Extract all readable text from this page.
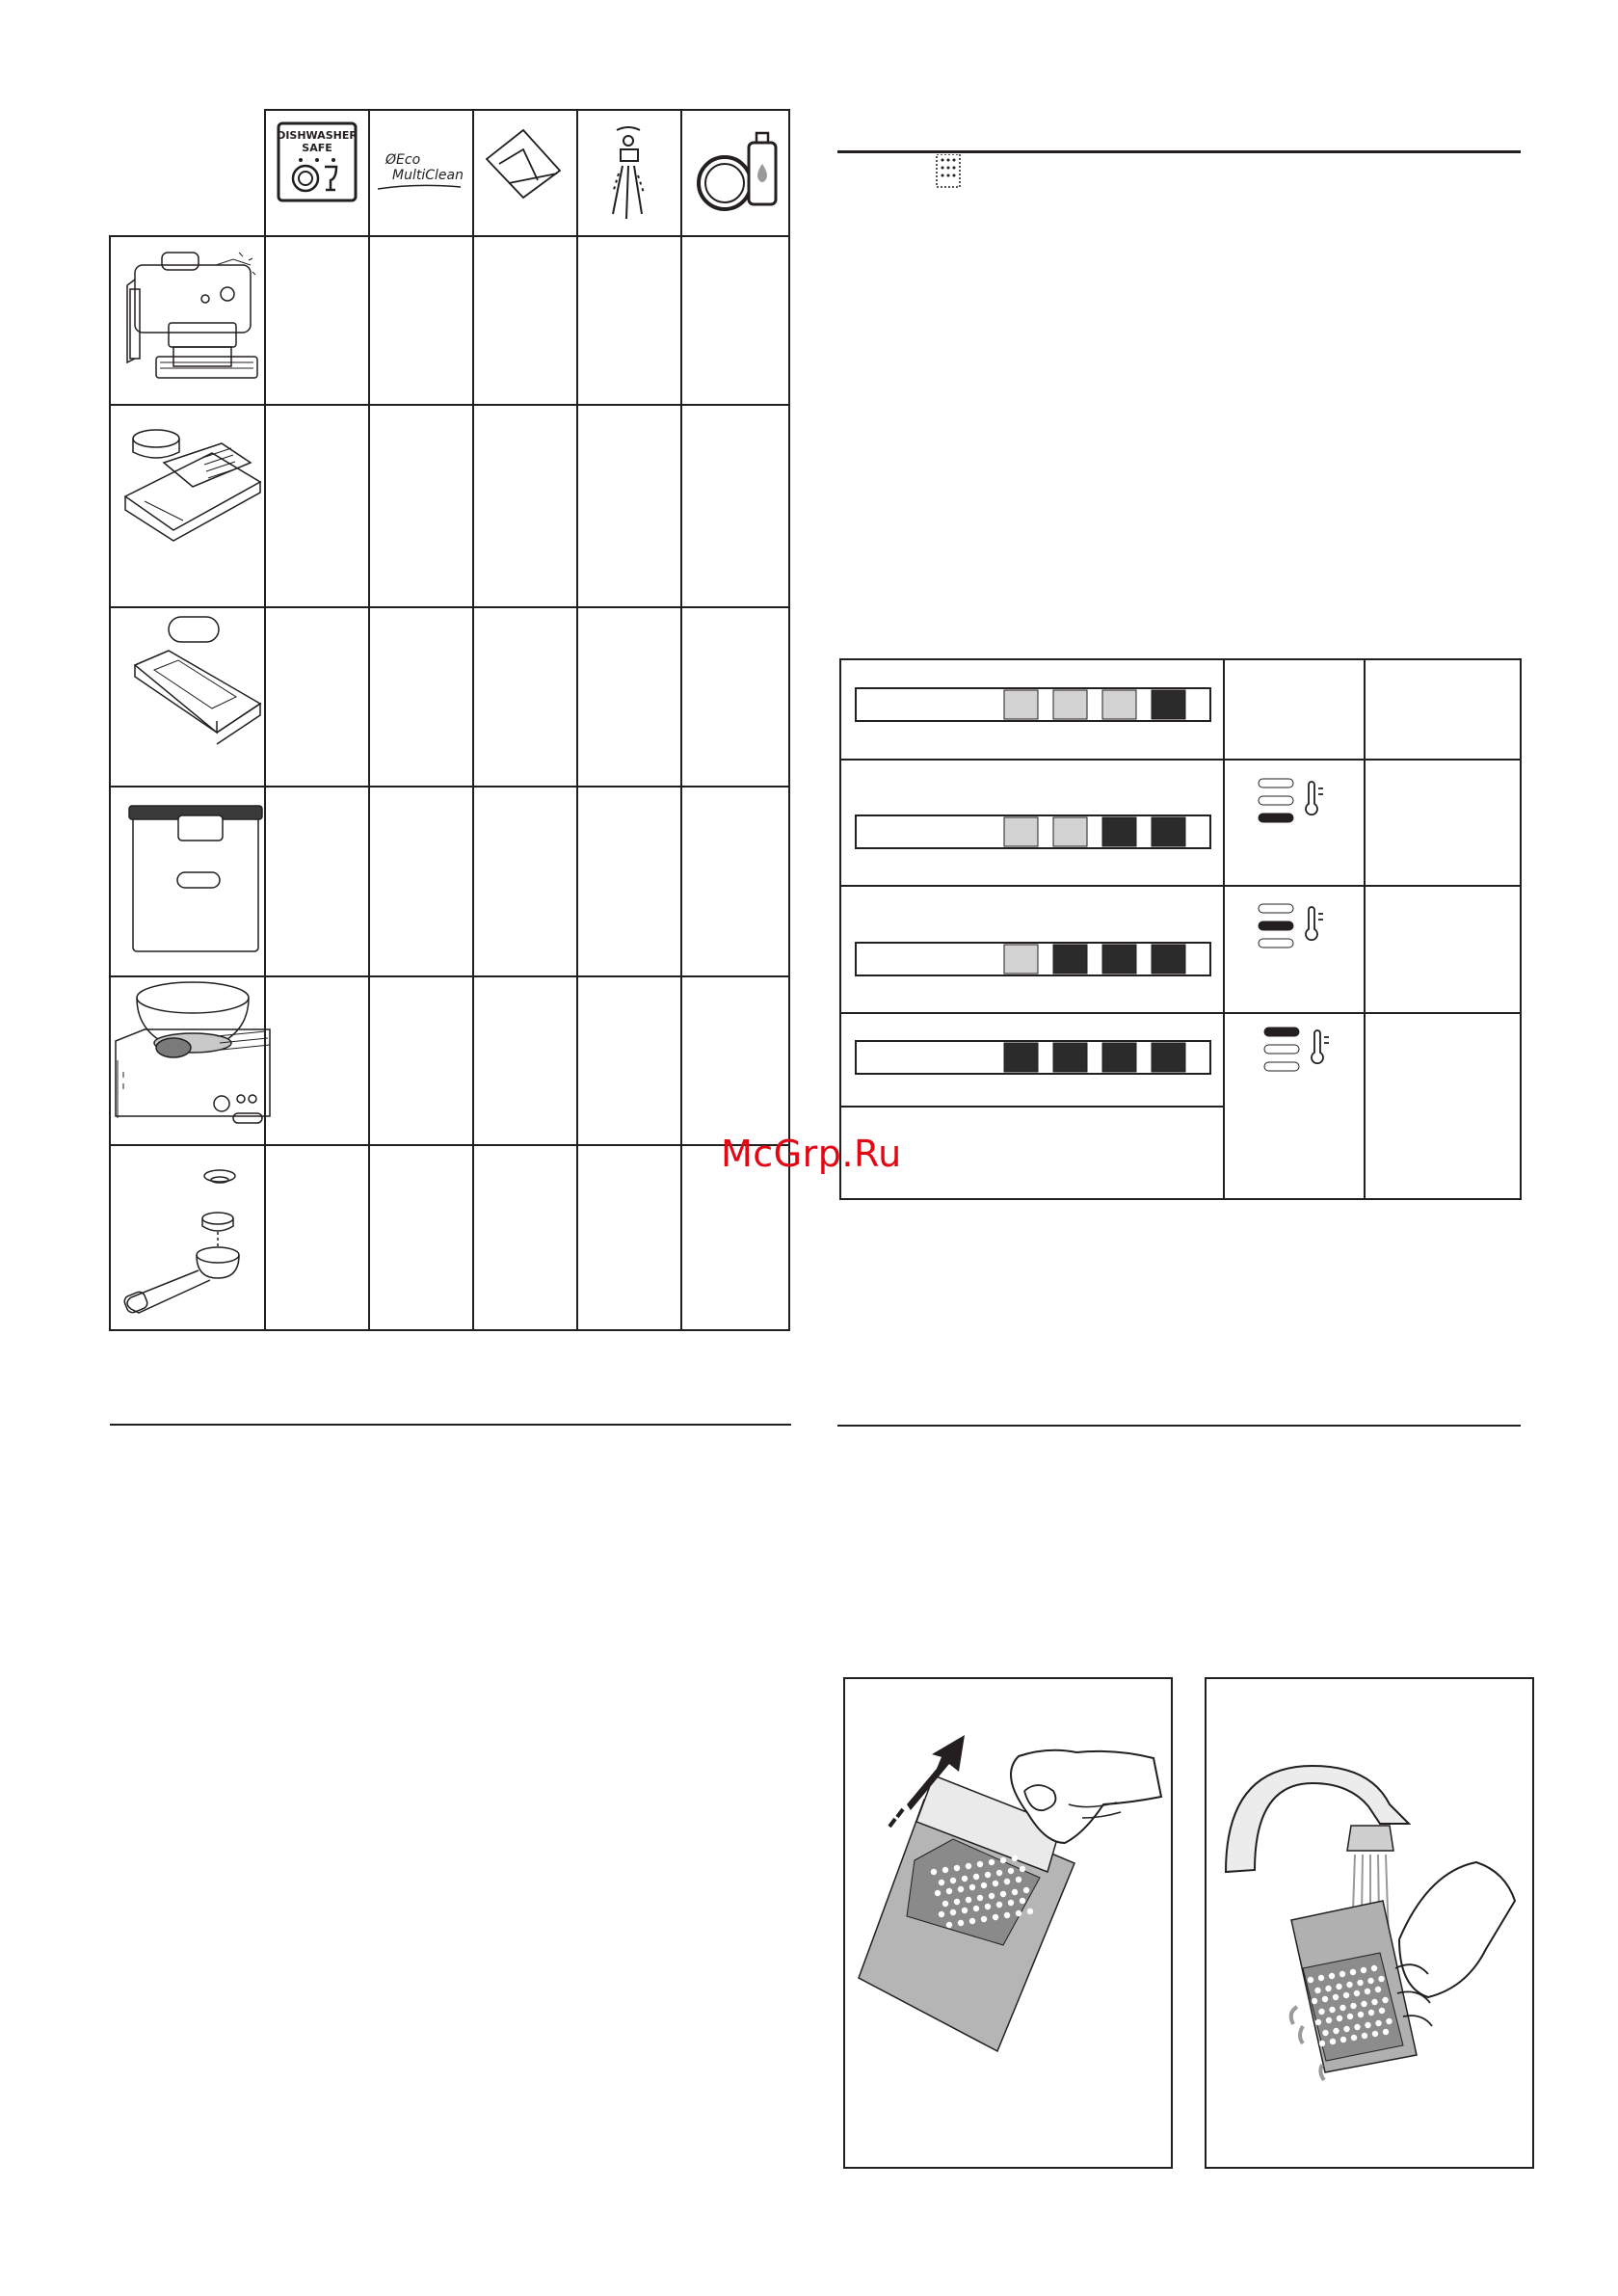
DISHWASHER
SAFE
ØEco
MultiClean
McGrp.Ru
